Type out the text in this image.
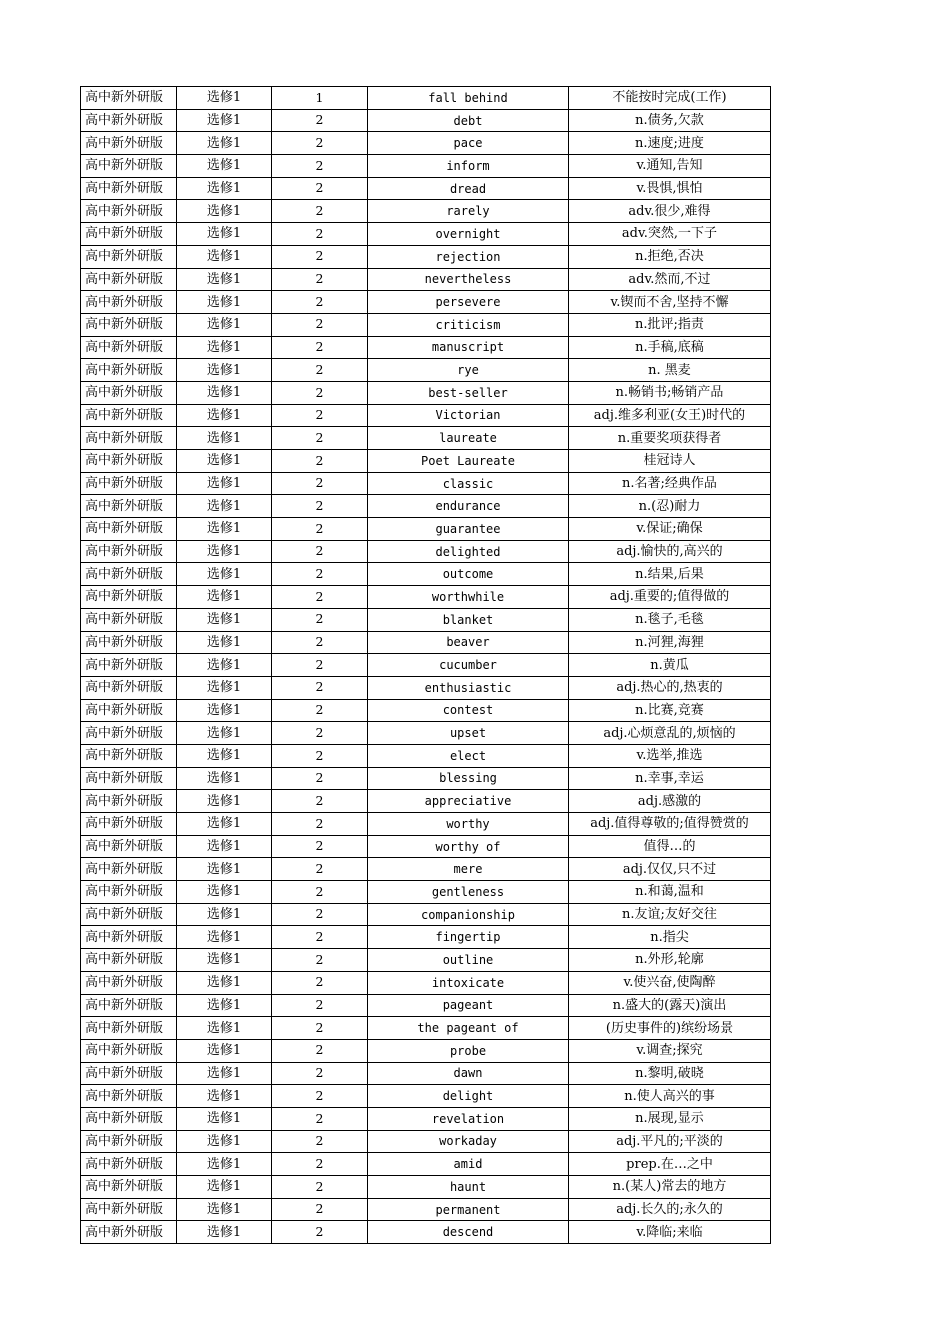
高中新外研版	选修1	1	fall behind	不能按时完成(工作)
高中新外研版	选修1	2	debt	n.债务,欠款
高中新外研版	选修1	2	pace	n.速度;进度
高中新外研版	选修1	2	inform	v.通知,告知
高中新外研版	选修1	2	dread	v.畏惧,惧怕
高中新外研版	选修1	2	rarely	adv.很少,难得
高中新外研版	选修1	2	overnight	adv.突然,一下子
高中新外研版	选修1	2	rejection	n.拒绝,否决
高中新外研版	选修1	2	nevertheless	adv.然而,不过
高中新外研版	选修1	2	persevere	v.锲而不舍,坚持不懈
高中新外研版	选修1	2	criticism	n.批评;指责
高中新外研版	选修1	2	manuscript	n.手稿,底稿
高中新外研版	选修1	2	rye	n. 黑麦
高中新外研版	选修1	2	best-seller	n.畅销书;畅销产品
高中新外研版	选修1	2	Victorian	adj.维多利亚(女王)时代的
高中新外研版	选修1	2	laureate	n.重要奖项获得者
高中新外研版	选修1	2	Poet Laureate	桂冠诗人
高中新外研版	选修1	2	classic	n.名著;经典作品
高中新外研版	选修1	2	endurance	n.(忍)耐力
高中新外研版	选修1	2	guarantee	v.保证;确保
高中新外研版	选修1	2	delighted	adj.愉快的,高兴的
高中新外研版	选修1	2	outcome	n.结果,后果
高中新外研版	选修1	2	worthwhile	adj.重要的;值得做的
高中新外研版	选修1	2	blanket	n.毯子,毛毯
高中新外研版	选修1	2	beaver	n.河狸,海狸
高中新外研版	选修1	2	cucumber	n.黄瓜
高中新外研版	选修1	2	enthusiastic	adj.热心的,热衷的
高中新外研版	选修1	2	contest	n.比赛,竞赛
高中新外研版	选修1	2	upset	adj.心烦意乱的,烦恼的
高中新外研版	选修1	2	elect	v.选举,推选
高中新外研版	选修1	2	blessing	n.幸事,幸运
高中新外研版	选修1	2	appreciative	adj.感激的
高中新外研版	选修1	2	worthy	adj.值得尊敬的;值得赞赏的
高中新外研版	选修1	2	worthy of	值得…的
高中新外研版	选修1	2	mere	adj.仅仅,只不过
高中新外研版	选修1	2	gentleness	n.和蔼,温和
高中新外研版	选修1	2	companionship	n.友谊;友好交往
高中新外研版	选修1	2	fingertip	n.指尖
高中新外研版	选修1	2	outline	n.外形,轮廓
高中新外研版	选修1	2	intoxicate	v.使兴奋,使陶醉
高中新外研版	选修1	2	pageant	n.盛大的(露天)演出
高中新外研版	选修1	2	the pageant of	(历史事件的)缤纷场景
高中新外研版	选修1	2	probe	v.调查;探究
高中新外研版	选修1	2	dawn	n.黎明,破晓
高中新外研版	选修1	2	delight	n.使人高兴的事
高中新外研版	选修1	2	revelation	n.展现,显示
高中新外研版	选修1	2	workaday	adj.平凡的;平淡的
高中新外研版	选修1	2	amid	prep.在…之中
高中新外研版	选修1	2	haunt	n.(某人)常去的地方
高中新外研版	选修1	2	permanent	adj.长久的;永久的
高中新外研版	选修1	2	descend	v.降临;来临
